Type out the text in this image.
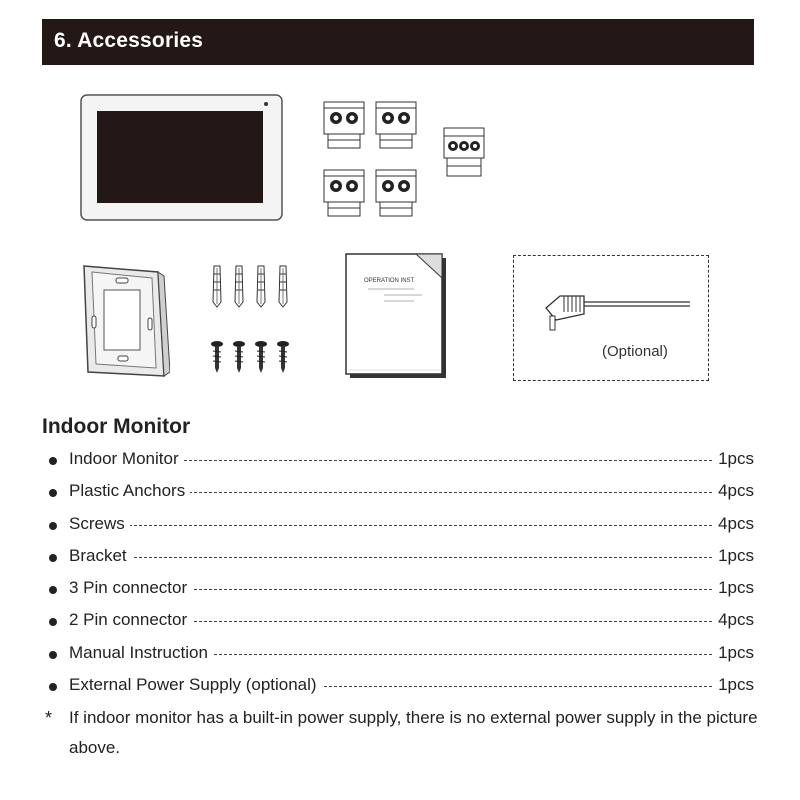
6. Accessories
OPERATION INST
(Optional)
Indoor Monitor
Indoor Monitor	1pcs
Plastic Anchors	4pcs
Screws	4pcs
Bracket	1pcs
3 Pin connector	1pcs
2 Pin connector	4pcs
Manual Instruction	1pcs
External Power Supply (optional)	1pcs
* If indoor monitor has a built-in power supply, there is no external power supply in the picture above.
